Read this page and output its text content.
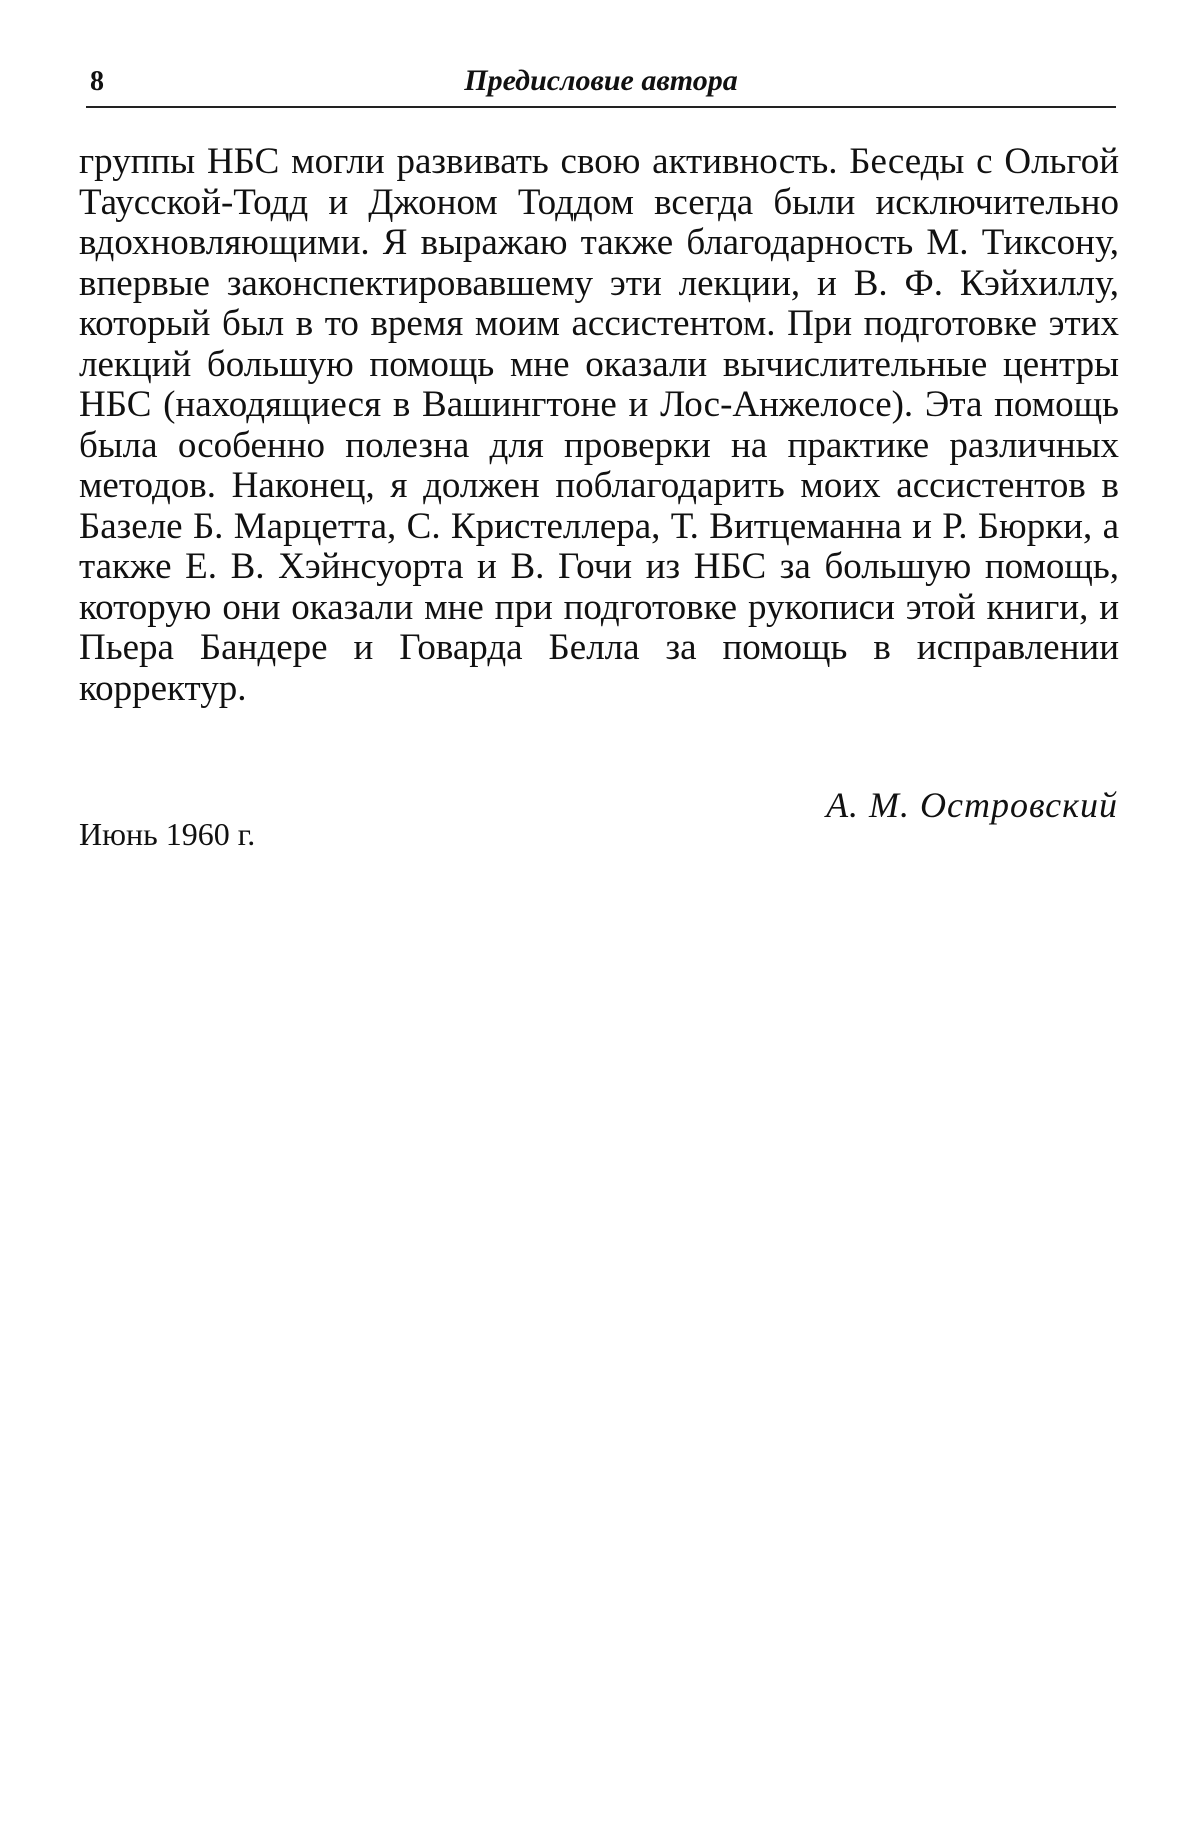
8	Предисловие автора

группы НБС могли развивать свою активность. Беседы с Ольгой Таусской-Тодд и Джоном Тоддом всегда были исключительно вдохновляющими. Я выражаю также благодарность М. Тиксону, впервые законспектировавшему эти лекции, и В. Ф. Кэйхиллу, который был в то время моим ассистентом. При подготовке этих лекций большую помощь мне оказали вычислительные центры НБС (находящиеся в Вашингтоне и Лос-Анжелосе). Эта помощь была особенно полезна для проверки на практике различных методов. Наконец, я должен поблагодарить моих ассистентов в Базеле Б. Марцетта, С. Кристеллера, Т. Витцеманна и Р. Бюрки, а также Е. В. Хэйнсуорта и В. Гочи из НБС за большую помощь, которую они оказали мне при подготовке рукописи этой книги, и Пьера Бандере и Говарда Белла за помощь в исправлении корректур.

А. М. Островский
Июнь 1960 г.
